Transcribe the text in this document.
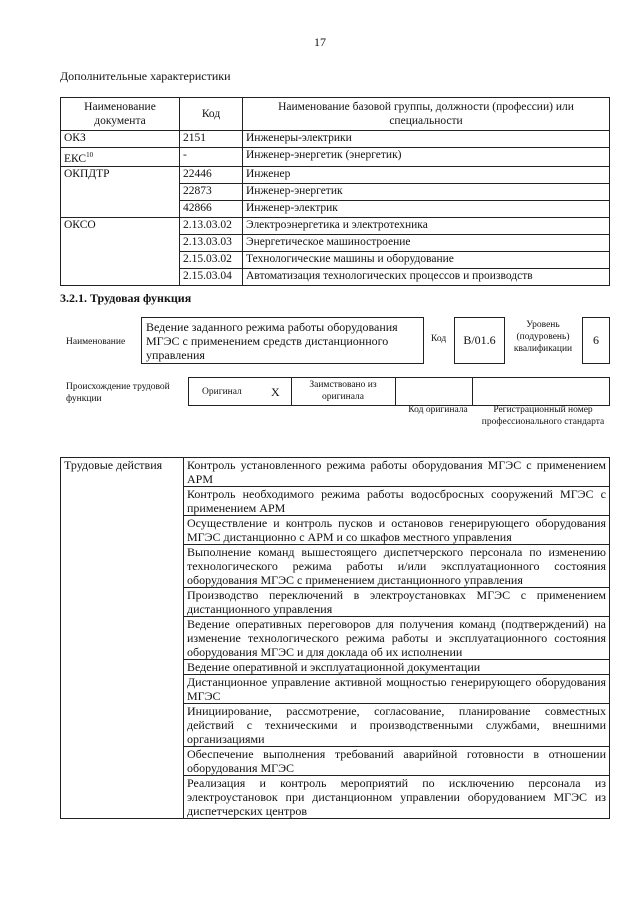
17
Дополнительные характеристики
Наименование документа	Код	Наименование базовой группы, должности (профессии) или специальности
ОКЗ	2151	Инженеры-электрики
ЕКС$^{10}$	-	Инженер-энергетик (энергетик)
ОКПДТР	22446	Инженер
	22873	Инженер-энергетик
	42866	Инженер-электрик
ОКСО	2.13.03.02	Электроэнергетика и электротехника
	2.13.03.03	Энергетическое машиностроение
	2.15.03.02	Технологические машины и оборудование
	2.15.03.04	Автоматизация технологических процессов и производств
3.2.1. Трудовая функция
Наименование
Ведение заданного режима работы оборудования МГЭС с применением средств дистанционного управления
Код	B/01.6
Уровень (подуровень) квалификации
6
Происхождение трудовой функции
Оригинал X	Заимствовано из оригинала
Код оригинала	Регистрационный номер профессионального стандарта
Трудовые действия	Контроль установленного режима работы оборудования МГЭС с применением АРМ
Контроль необходимого режима работы водосбросных сооружений МГЭС с применением АРМ
Осуществление и контроль пусков и остановов генерирующего оборудования МГЭС дистанционно с АРМ и со шкафов местного управления
Выполнение команд вышестоящего диспетчерского персонала по изменению технологического режима работы и/или эксплуатационного состояния оборудования МГЭС с применением дистанционного управления
Производство переключений в электроустановках МГЭС с применением дистанционного управления
Ведение оперативных переговоров для получения команд (подтверждений) на изменение технологического режима работы и эксплуатационного состояния оборудования МГЭС и для доклада об их исполнении
Ведение оперативной и эксплуатационной документации
Дистанционное управление активной мощностью генерирующего оборудования МГЭС
Инициирование, рассмотрение, согласование, планирование совместных действий с техническими и производственными службами, внешними организациями
Обеспечение выполнения требований аварийной готовности в отношении оборудования МГЭС
Реализация и контроль мероприятий по исключению персонала из электроустановок при дистанционном управлении оборудованием МГЭС из диспетчерских центров
